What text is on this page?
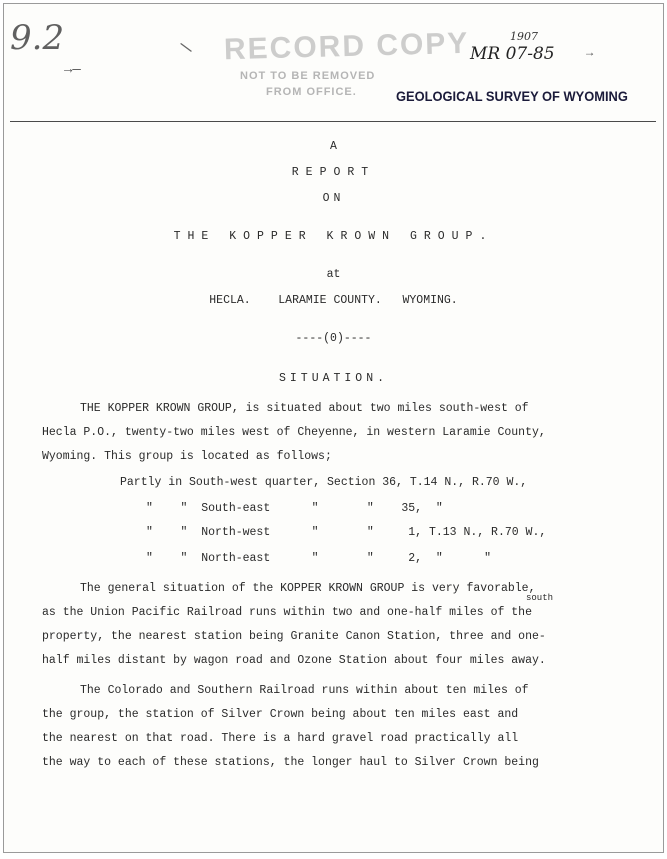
9.2
→—
\ RECORD COPY
NOT TO BE REMOVED
FROM OFFICE.
1907
MR 07-85	→
GEOLOGICAL SURVEY OF WYOMING
A
REPORT
ON
THE KOPPER KROWN GROUP.
at
HECLA.    LARAMIE COUNTY.   WYOMING.
----(0)----
SITUATION.
THE KOPPER KROWN GROUP, is situated about two miles south-west of
Hecla P.O., twenty-two miles west of Cheyenne, in western Laramie County,
Wyoming. This group is located as follows;
Partly in South-west quarter, Section 36, T.14 N., R.70 W.,
"    "  South-east      "       "    35,  "
"    "  North-west      "       "     1, T.13 N., R.70 W.,
"    "  North-east      "       "     2,  "      "
The general situation of the KOPPER KROWN GROUP is very favorable,
south
as the Union Pacific Railroad runs within two and one-half miles of the
property, the nearest station being Granite Canon Station, three and one-
half miles distant by wagon road and Ozone Station about four miles away.
The Colorado and Southern Railroad runs within about ten miles of
the group, the station of Silver Crown being about ten miles east and
the nearest on that road. There is a hard gravel road practically all
the way to each of these stations, the longer haul to Silver Crown being
